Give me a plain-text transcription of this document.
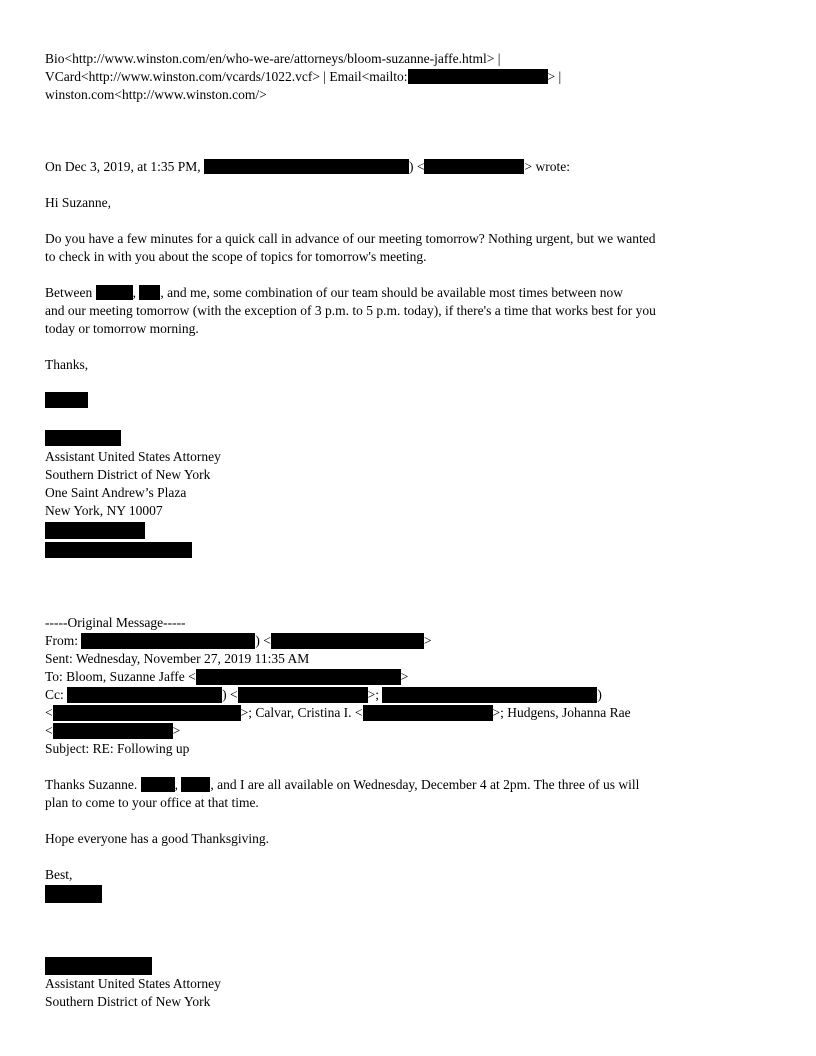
Bio<http://www.winston.com/en/who-we-are/attorneys/bloom-suzanne-jaffe.html> |
VCard<http://www.winston.com/vcards/1022.vcf> | Email<mailto:	> |
winston.com<http://www.winston.com/>
On Dec 3, 2019, at 1:35 PM,	) <	> wrote:
Hi Suzanne,
Do you have a few minutes for a quick call in advance of our meeting tomorrow? Nothing urgent, but we wanted
to check in with you about the scope of topics for tomorrow's meeting.
Between	, , and me, some combination of our team should be available most times between now
and our meeting tomorrow (with the exception of 3 p.m. to 5 p.m. today), if there's a time that works best for you
today or tomorrow morning.
Thanks,
Assistant United States Attorney
Southern District of New York
One Saint Andrew’s Plaza
New York, NY 10007
-----Original Message-----
From:	) <	>
Sent: Wednesday, November 27, 2019 11:35 AM
To: Bloom, Suzanne Jaffe <	>
Cc:	) <	>;	)
<	>; Calvar, Cristina I. <	>; Hudgens, Johanna Rae
<	>
Subject: RE: Following up
Thanks Suzanne.	, , and I are all available on Wednesday, December 4 at 2pm. The three of us will
plan to come to your office at that time.
Hope everyone has a good Thanksgiving.
Best,
Assistant United States Attorney
Southern District of New York
